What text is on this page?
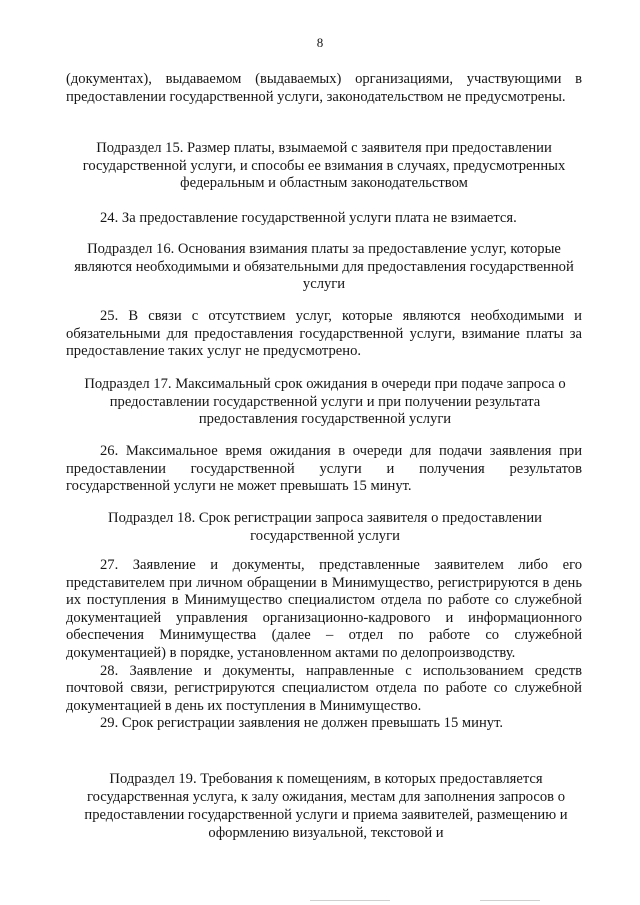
8
(документах), выдаваемом (выдаваемых) организациями, участвующими в предоставлении государственной услуги, законодательством не предусмотрены.
Подраздел 15. Размер платы, взымаемой с заявителя при предоставлении государственной услуги, и способы ее взимания в случаях, предусмотренных федеральным и областным законодательством
24. За предоставление государственной услуги плата не взимается.
Подраздел 16. Основания взимания платы за предоставление услуг, которые являются необходимыми и обязательными для предоставления государственной услуги
25. В связи с отсутствием услуг, которые являются необходимыми и обязательными для предоставления государственной услуги, взимание платы за предоставление таких услуг не предусмотрено.
Подраздел 17. Максимальный срок ожидания в очереди при подаче запроса о предоставлении государственной услуги и при получении результата предоставления государственной услуги
26. Максимальное время ожидания в очереди для подачи заявления при предоставлении государственной услуги и получения результатов государственной услуги не может превышать 15 минут.
Подраздел 18. Срок регистрации запроса заявителя о предоставлении государственной услуги
27. Заявление и документы, представленные заявителем либо его представителем при личном обращении в Минимущество, регистрируются в день их поступления в Минимущество специалистом отдела по работе со служебной документацией управления организационно-кадрового и информационного обеспечения Минимущества (далее – отдел по работе со служебной документацией) в порядке, установленном актами по делопроизводству.
28. Заявление и документы, направленные с использованием средств почтовой связи, регистрируются специалистом отдела по работе со служебной документацией в день их поступления в Минимущество.
29. Срок регистрации заявления не должен превышать 15 минут.
Подраздел 19. Требования к помещениям, в которых предоставляется государственная услуга, к залу ожидания, местам для заполнения запросов о предоставлении государственной услуги и приема заявителей, размещению и оформлению визуальной, текстовой и
